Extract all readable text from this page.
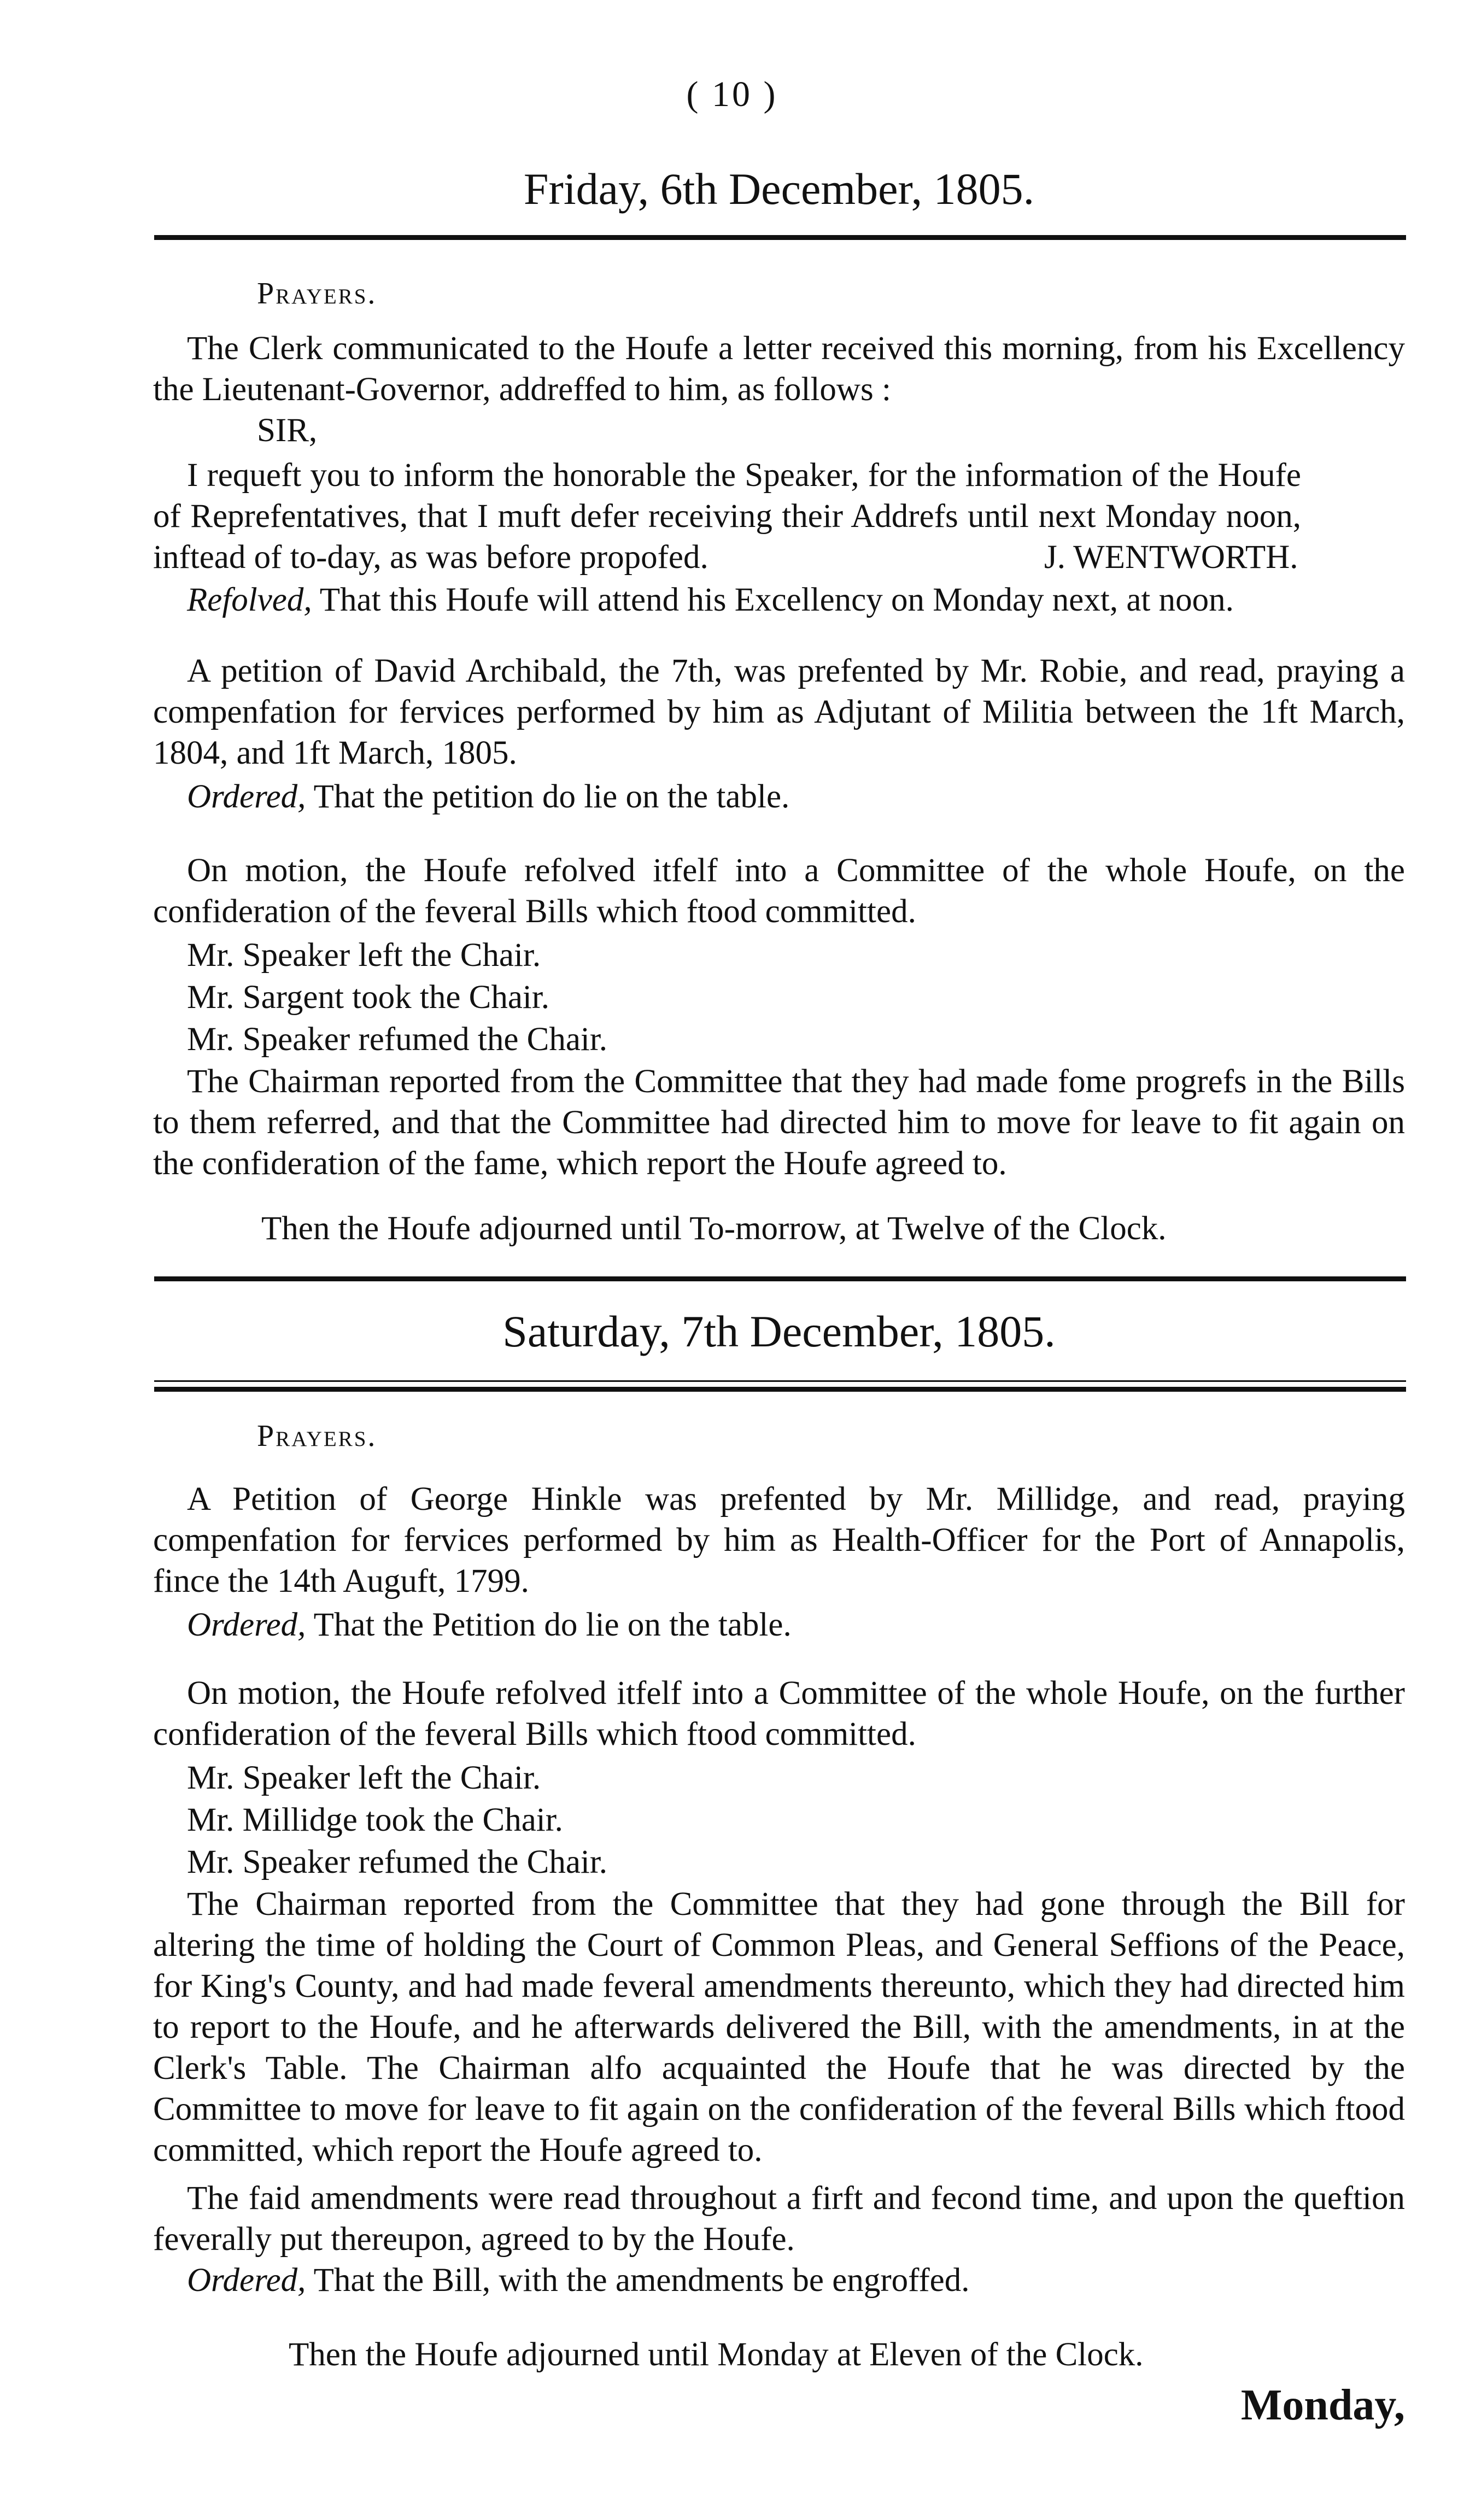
( 10 )
Friday, 6th December, 1805.
Prayers.
The Clerk communicated to the Houfe a letter received this morning, from his Excellency the Lieutenant-Governor, addreffed to him, as follows :
SIR,
I requeft you to inform the honorable the Speaker, for the information of the Houfe of Reprefentatives, that I muft defer receiving their Addrefs until next Monday noon, inftead of to-day, as was before propofed.	J. WENTWORTH.
Refolved, That this Houfe will attend his Excellency on Monday next, at noon.
A petition of David Archibald, the 7th, was prefented by Mr. Robie, and read, praying a compenfation for fervices performed by him as Adjutant of Militia between the 1ft March, 1804, and 1ft March, 1805.
Ordered, That the petition do lie on the table.
On motion, the Houfe refolved itfelf into a Committee of the whole Houfe, on the confideration of the feveral Bills which ftood committed.
Mr. Speaker left the Chair.
Mr. Sargent took the Chair.
Mr. Speaker refumed the Chair.
The Chairman reported from the Committee that they had made fome progrefs in the Bills to them referred, and that the Committee had directed him to move for leave to fit again on the confideration of the fame, which report the Houfe agreed to.
Then the Houfe adjourned until To-morrow, at Twelve of the Clock.
Saturday, 7th December, 1805.
Prayers.
A Petition of George Hinkle was prefented by Mr. Millidge, and read, praying compenfation for fervices performed by him as Health-Officer for the Port of Annapolis, fince the 14th Auguft, 1799.
Ordered, That the Petition do lie on the table.
On motion, the Houfe refolved itfelf into a Committee of the whole Houfe, on the further confideration of the feveral Bills which ftood committed.
Mr. Speaker left the Chair.
Mr. Millidge took the Chair.
Mr. Speaker refumed the Chair.
The Chairman reported from the Committee that they had gone through the Bill for altering the time of holding the Court of Common Pleas, and General Seffions of the Peace, for King's County, and had made feveral amendments thereunto, which they had directed him to report to the Houfe, and he afterwards delivered the Bill, with the amendments, in at the Clerk's Table. The Chairman alfo acquainted the Houfe that he was directed by the Committee to move for leave to fit again on the confideration of the feveral Bills which ftood committed, which report the Houfe agreed to.
The faid amendments were read throughout a firft and fecond time, and upon the queftion feverally put thereupon, agreed to by the Houfe.
Ordered, That the Bill, with the amendments be engroffed.
Then the Houfe adjourned until Monday at Eleven of the Clock.
Monday,
